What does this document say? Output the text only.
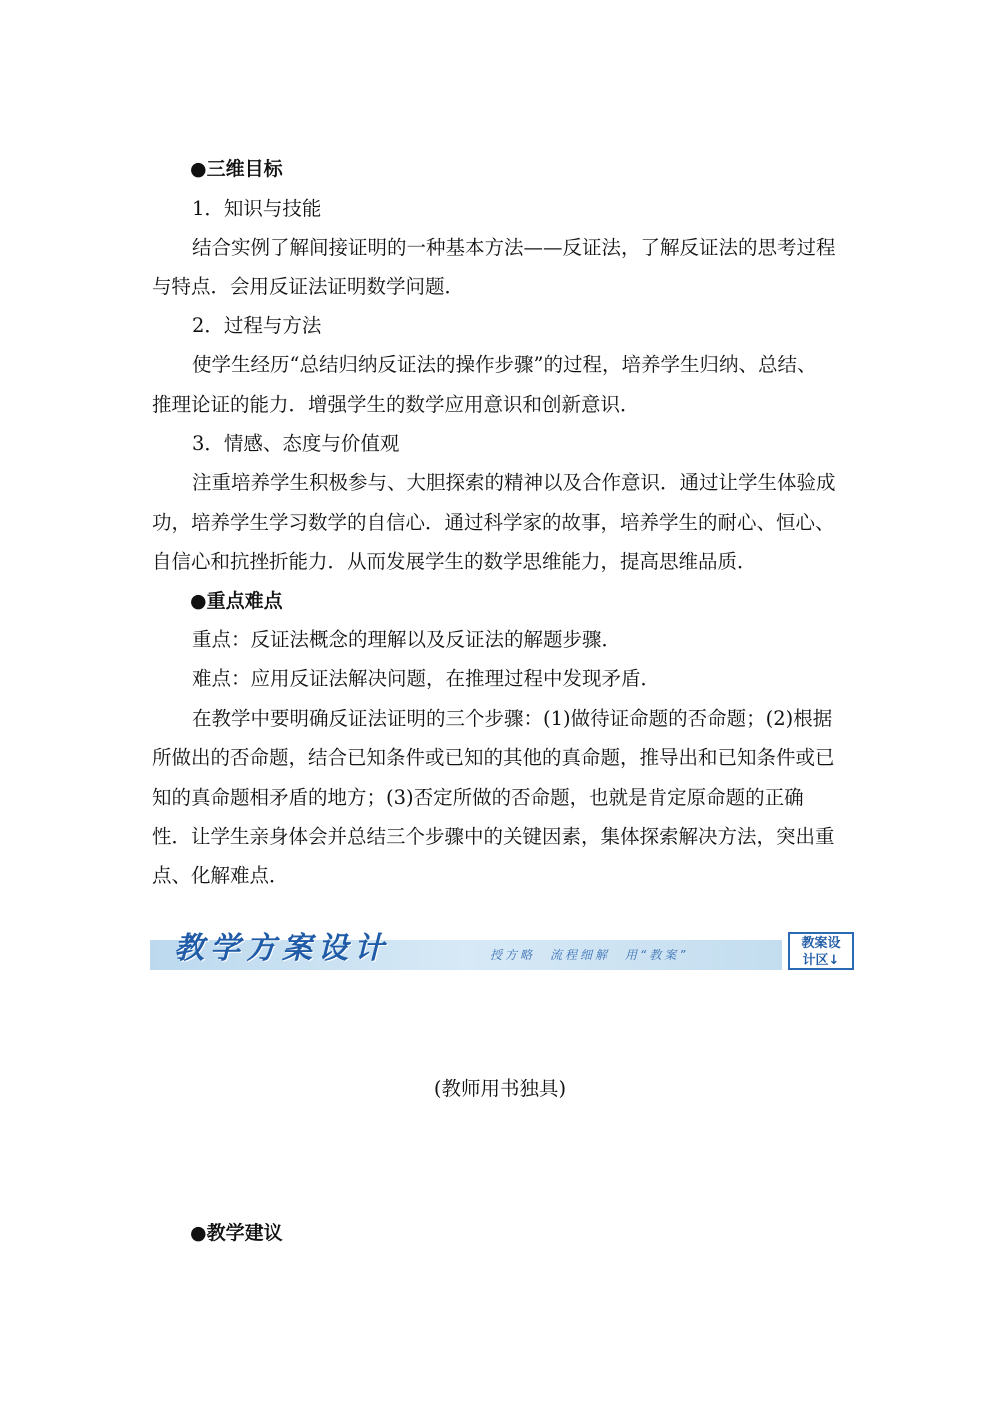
●三维目标
1．知识与技能
结合实例了解间接证明的一种基本方法——反证法，了解反证法的思考过程
与特点．会用反证法证明数学问题．
2．过程与方法
使学生经历“总结归纳反证法的操作步骤”的过程，培养学生归纳、总结、
推理论证的能力．增强学生的数学应用意识和创新意识．
3．情感、态度与价值观
注重培养学生积极参与、大胆探索的精神以及合作意识．通过让学生体验成
功，培养学生学习数学的自信心．通过科学家的故事，培养学生的耐心、恒心、
自信心和抗挫折能力．从而发展学生的数学思维能力，提高思维品质．
●重点难点
重点：反证法概念的理解以及反证法的解题步骤．
难点：应用反证法解决问题，在推理过程中发现矛盾．
在教学中要明确反证法证明的三个步骤：(1)做待证命题的否命题；(2)根据
所做出的否命题，结合已知条件或已知的其他的真命题，推导出和已知条件或已
知的真命题相矛盾的地方；(3)否定所做的否命题，也就是肯定原命题的正确
性．让学生亲身体会并总结三个步骤中的关键因素，集体探索解决方法，突出重
点、化解难点．
教学方案设计	授方略　流程细解　用“教案”
教案设
计区↓
(教师用书独具)
●教学建议
